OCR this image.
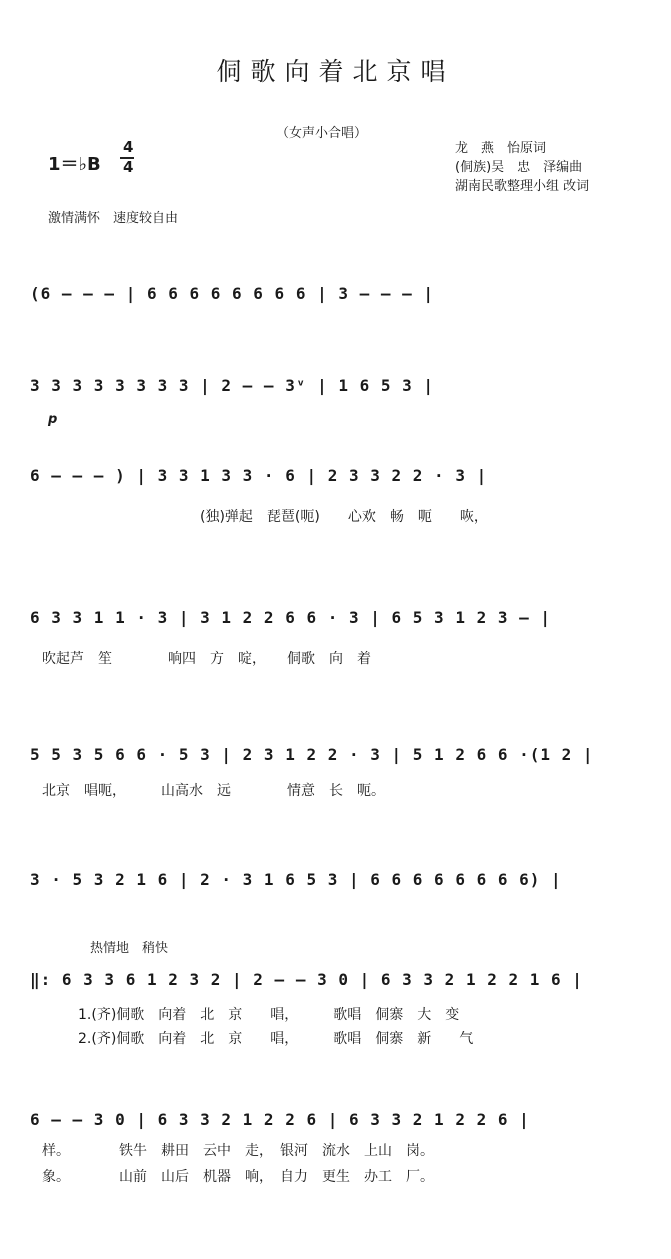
侗歌向着北京唱
（女声小合唱）
龙　燕　怡原词
(侗族)吴　忠　泽编曲
湖南民歌整理小组 改词
1＝♭B
4
4
激情满怀　速度较自由
(6 — — — | 6 6 6 6 6 6 6 6 | 3 — — — |
3 3 3 3 3 3 3 3 | 2 — — 3ᵛ | 1 6 5 3 |
p
6 — — — ) | 3 3 1 3 3 · 6 | 2 3 3 2 2 · 3 |
(独)弹起　琵琶(呃)　　心欢　畅　呃　　咴，
6 3 3 1 1 · 3 | 3 1 2 2 6 6 · 3 | 6 5 3 1 2 3 — |
吹起芦　笙　　　　响四　方　啶，　　侗歌　向　着
5 5 3 5 6 6 · 5 3 | 2 3 1 2 2 · 3 | 5 1 2 6 6 ·(1 2 |
北京　唱呃，　　　山高水　远　　　　情意　长　呃。
3 · 5 3 2 1 6 | 2 · 3 1 6 5 3 | 6 6 6 6 6 6 6 6) |
热情地　稍快
‖: 6 3 3 6 1 2 3 2 | 2 — — 3 0 | 6 3 3 2 1 2 2 1 6 |
1.(齐)侗歌　向着　北　京　　唱，　　　歌唱　侗寨　大　变
2.(齐)侗歌　向着　北　京　　唱，　　　歌唱　侗寨　新　　气
6 — — 3 0 | 6 3 3 2 1 2 2 6 | 6 3 3 2 1 2 2 6 |
样。　　　　铁牛　耕田　云中　走，　银河　流水　上山　岗。
象。　　　　山前　山后　机器　响，　自力　更生　办工　厂。
